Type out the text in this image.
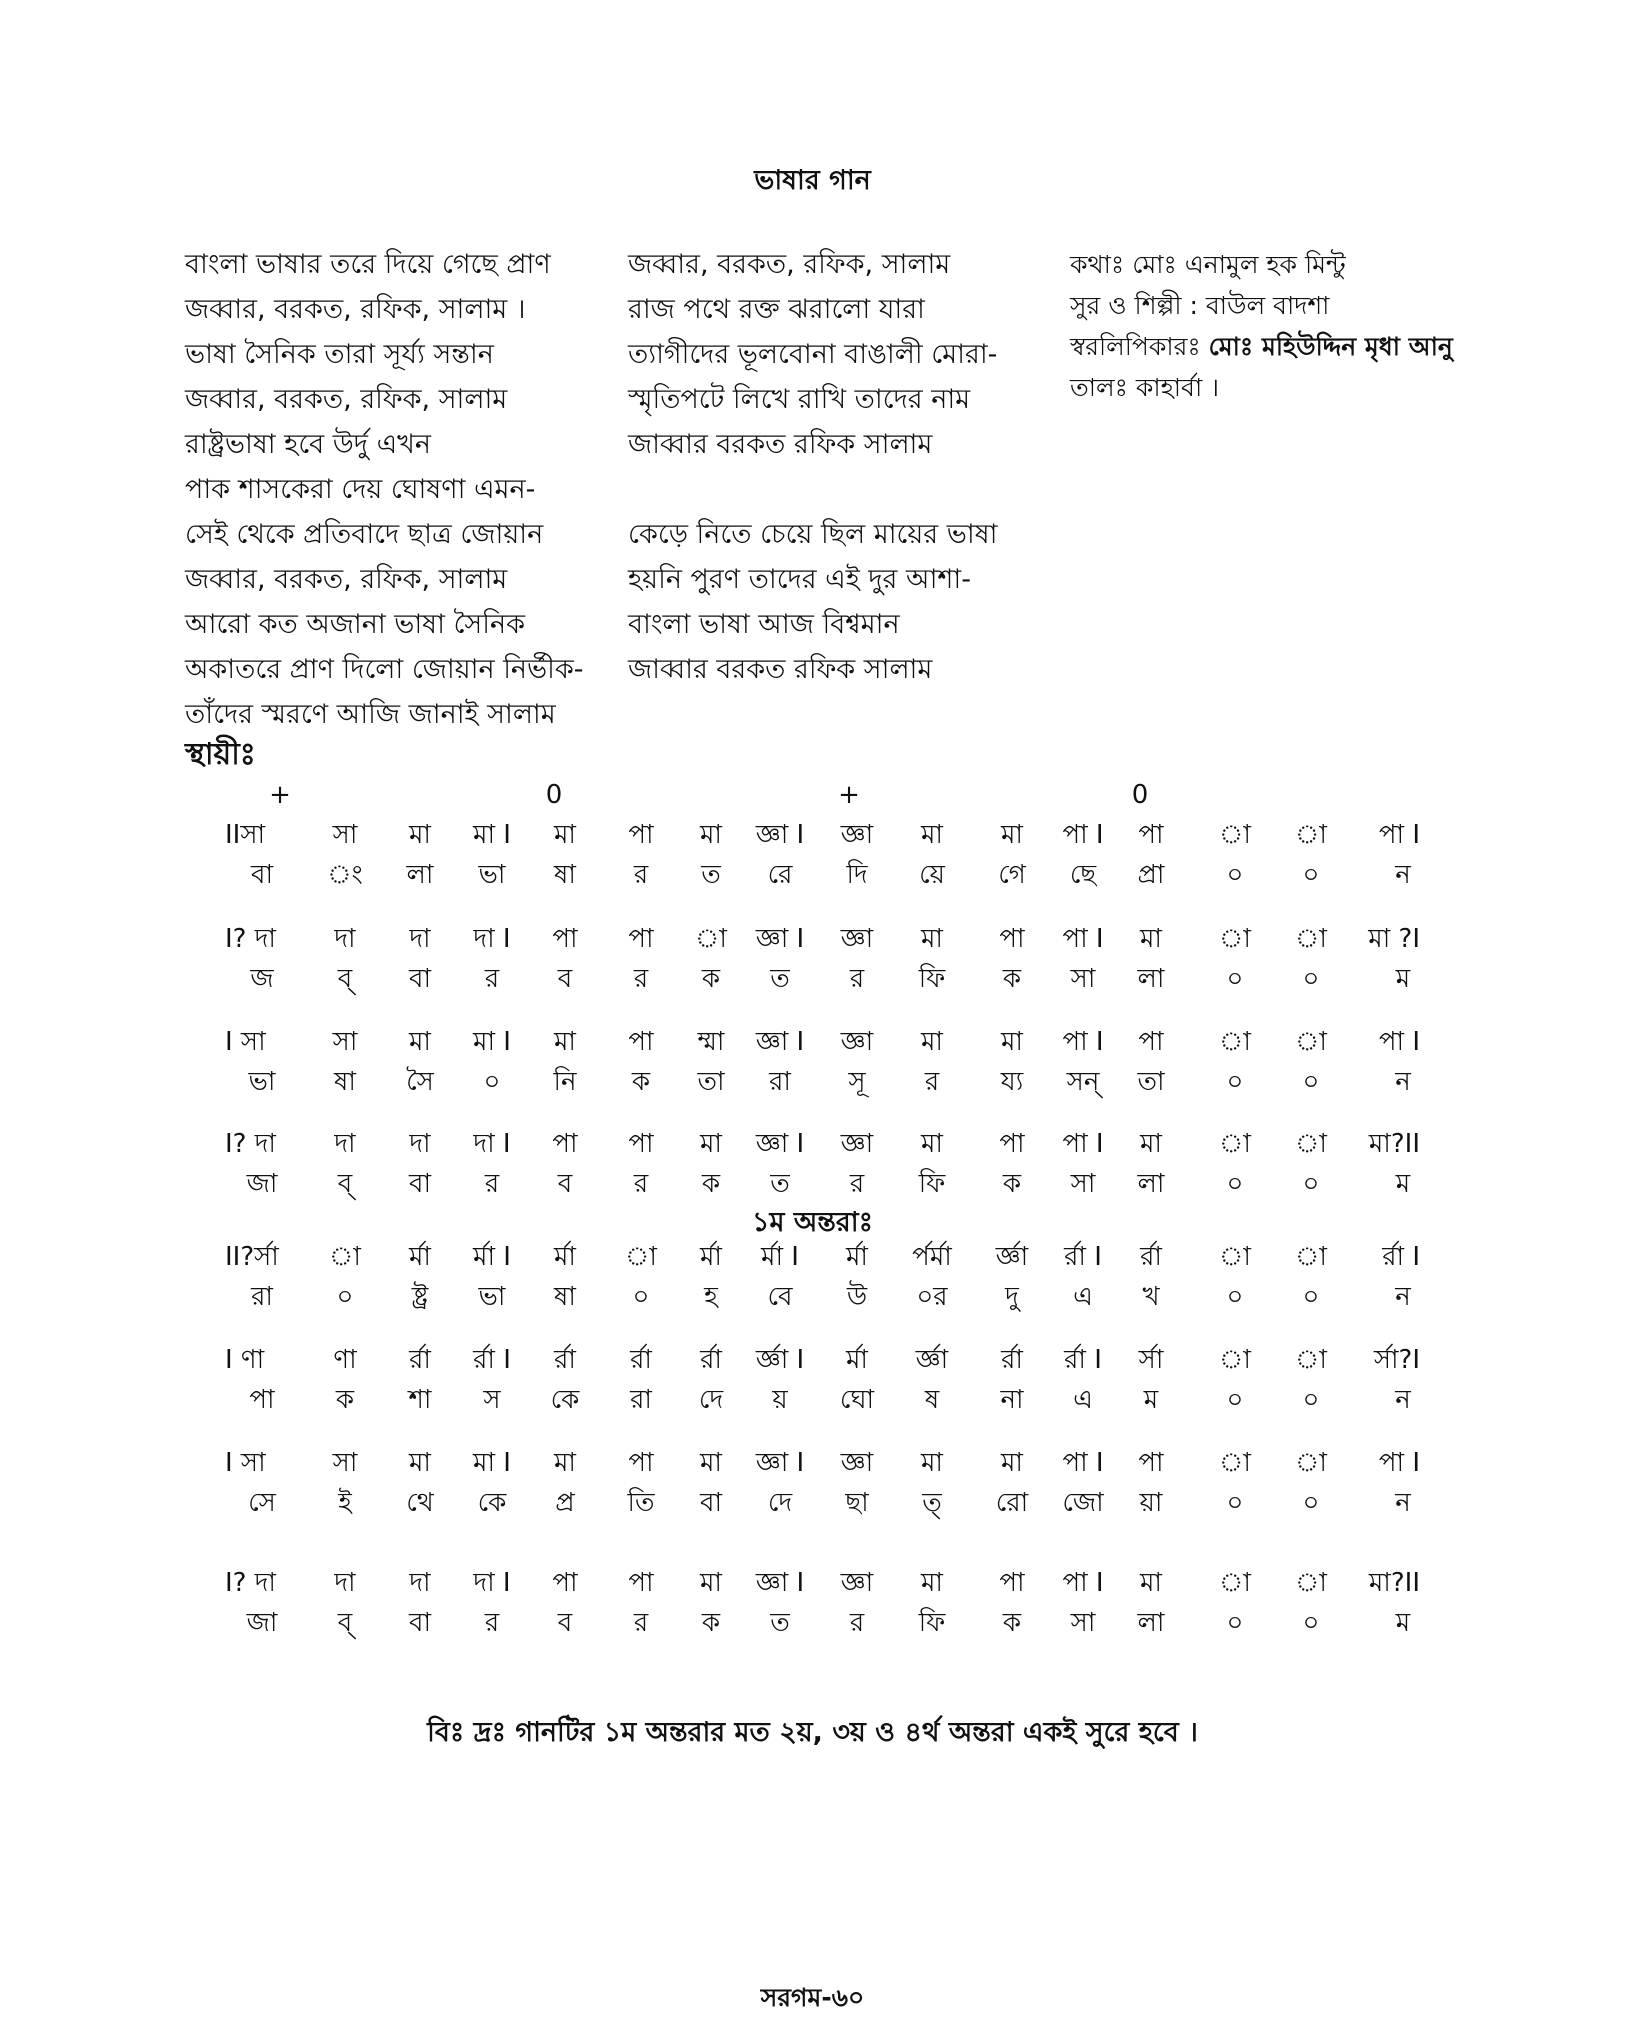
ভাষার গান
বাংলা ভাষার তরে দিয়ে গেছে প্রাণ
জব্বার, বরকত, রফিক, সালাম ।
ভাষা সৈনিক তারা সূর্য্য সন্তান
জব্বার, বরকত, রফিক, সালাম
রাষ্ট্রভাষা হবে উর্দু এখন
পাক শাসকেরা দেয় ঘোষণা এমন-
সেই থেকে প্রতিবাদে ছাত্র জোয়ান
জব্বার, বরকত, রফিক, সালাম
আরো কত অজানা ভাষা সৈনিক
অকাতরে প্রাণ দিলো জোয়ান নির্ভীক-
তাঁদের স্মরণে আজি জানাই সালাম
জব্বার, বরকত, রফিক, সালাম
রাজ পথে রক্ত ঝরালো যারা
ত্যাগীদের ভূলবোনা বাঙালী মোরা-
স্মৃতিপটে লিখে রাখি তাদের নাম
জাব্বার বরকত রফিক সালাম
কেড়ে নিতে চেয়ে ছিল মায়ের ভাষা
হয়নি পুরণ তাদের এই দুর আশা-
বাংলা ভাষা আজ বিশ্বমান
জাব্বার বরকত রফিক সালাম
কথাঃ মোঃ এনামুল হক মিন্টু
সুর ও শিল্পী : বাউল বাদশা
স্বরলিপিকারঃ মোঃ মহিউদ্দিন মৃধা আনু
তালঃ কাহার্বা ।
স্থায়ীঃ
+	0	+	0
১ম অন্তরাঃ
IIসা	সা	মা	মা I	মা	পা	মা	জ্ঞা I	জ্ঞা	মা	মা	পা I	পা	া	া	পা I
বা	ং	লা	ভা	ষা	র	ত	রে	দি	য়ে	গে	ছে	প্রা	০	০	ন
I? দা	দা	দা	দা I	পা	পা	া	জ্ঞা I	জ্ঞা	মা	পা	পা I	মা	া	া	মা ?I
জ	ব্	বা	র	ব	র	ক	ত	র	ফি	ক	সা	লা	০	০	ম
I সা	সা	মা	মা I	মা	পা	ম্মা	জ্ঞা I	জ্ঞা	মা	মা	পা I	পা	া	া	পা I
ভা	ষা	সৈ	০	নি	ক	তা	রা	সূ	র	য্য	সন্	তা	০	০	ন
I? দা	দা	দা	দা I	পা	পা	মা	জ্ঞা I	জ্ঞা	মা	পা	পা I	মা	া	া	মা?II
জা	ব্	বা	র	ব	র	ক	ত	র	ফি	ক	সা	লা	০	০	ম
II?র্সা	া	র্মা	র্মা I	র্মা	া	র্মা	র্মা I	র্মা	র্পর্মা	র্জ্ঞা	র্রা I	র্রা	া	া	র্রা I
রা	০	ষ্ট্র	ভা	ষা	০	হ	বে	উ	০র	দু	এ	খ	০	০	ন
I ণা	ণা	র্রা	র্রা I	র্রা	র্রা	র্রা	র্জ্ঞা I	র্মা	র্জ্ঞা	র্রা	র্রা I	র্সা	া	া	র্সা?I
পা	ক	শা	স	কে	রা	দে	য়	ঘো	ষ	না	এ	ম	০	০	ন
I সা	সা	মা	মা I	মা	পা	মা	জ্ঞা I	জ্ঞা	মা	মা	পা I	পা	া	া	পা I
সে	ই	থে	কে	প্র	তি	বা	দে	ছা	ত্	রো	জো	য়া	০	০	ন
I? দা	দা	দা	দা I	পা	পা	মা	জ্ঞা I	জ্ঞা	মা	পা	পা I	মা	া	া	মা?II
জা	ব্	বা	র	ব	র	ক	ত	র	ফি	ক	সা	লা	০	০	ম
বিঃ দ্রঃ গানটির ১ম অন্তরার মত ২য়, ৩য় ও ৪র্থ অন্তরা একই সুরে হবে ।
সরগম-৬০
